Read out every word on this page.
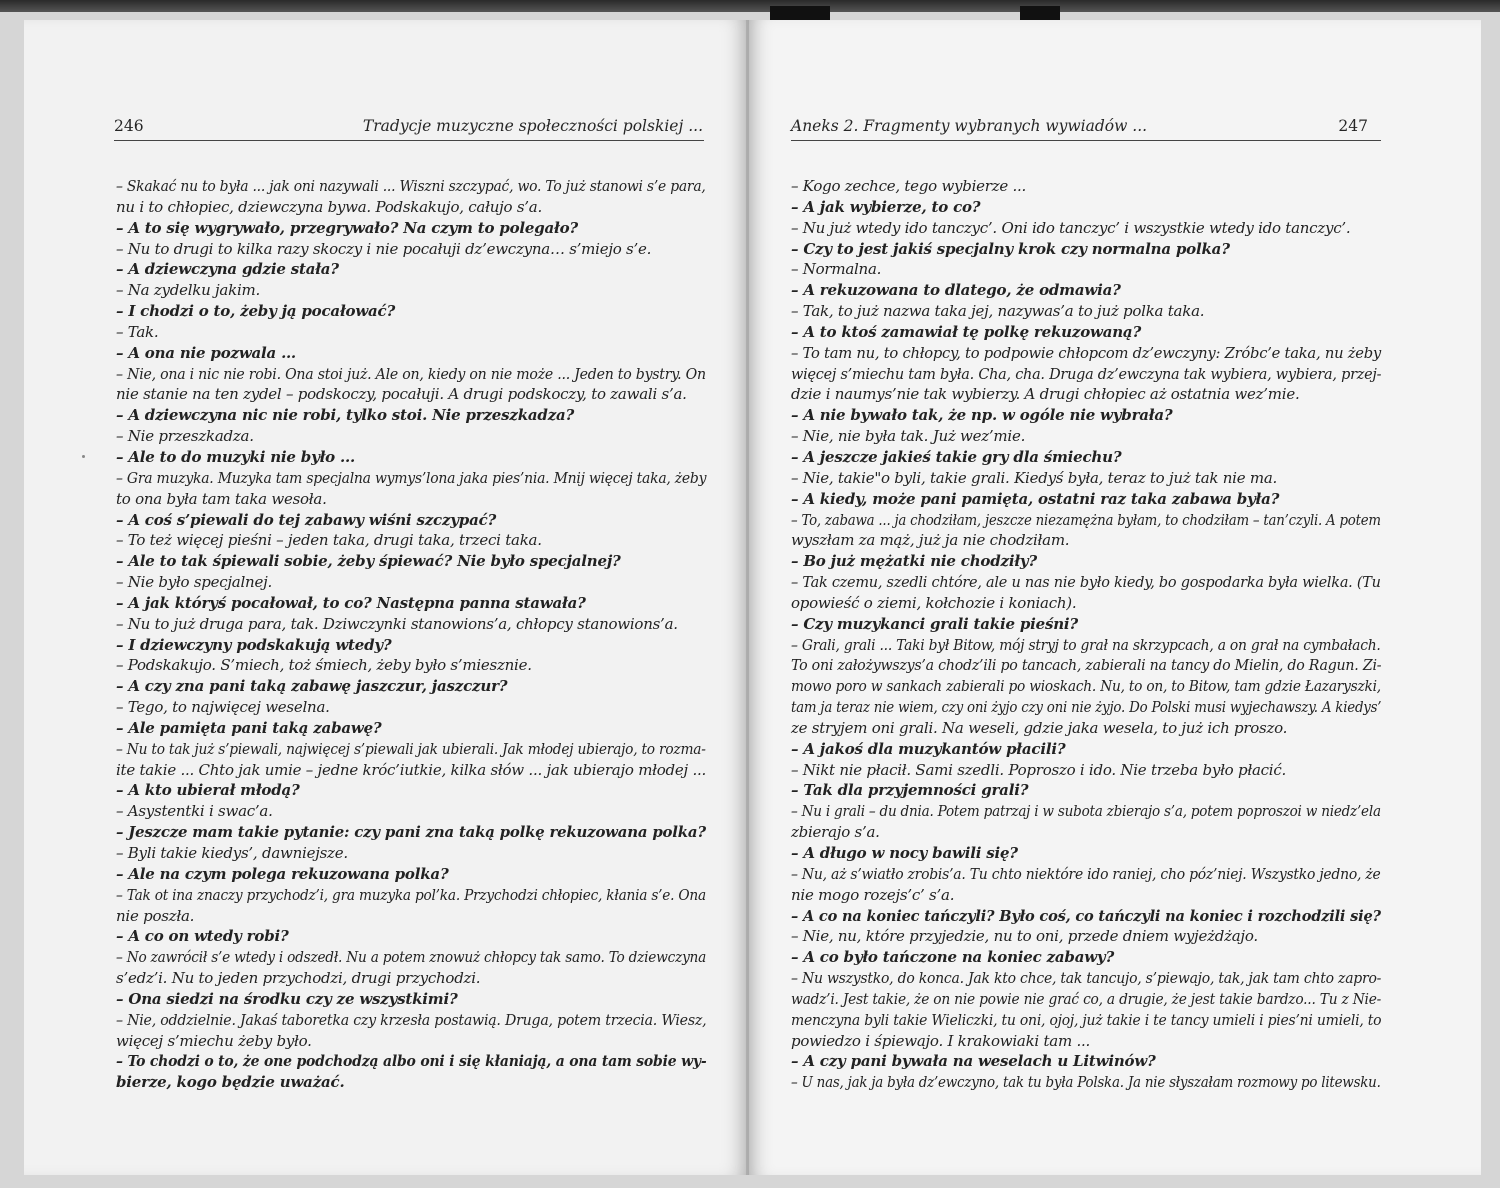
246	Tradycje muzyczne społeczności polskiej ...
– Skakać nu to była ... jak oni nazywali ... Wiszni szczypać, wo. To już stanowi s’e para,
nu i to chłopiec, dziewczyna bywa. Podskakujo, całujo s’a.
– A to się wygrywało, przegrywało? Na czym to polegało?
– Nu to drugi to kilka razy skoczy i nie pocałuji dz’ewczyna… s’miejo s’e.
– A dziewczyna gdzie stała?
– Na zydelku jakim.
– I chodzi o to, żeby ją pocałować?
– Tak.
– A ona nie pozwala …
– Nie, ona i nic nie robi. Ona stoi już. Ale on, kiedy on nie może ... Jeden to bystry. On
nie stanie na ten zydel – podskoczy, pocałuji. A drugi podskoczy, to zawali s’a.
– A dziewczyna nic nie robi, tylko stoi. Nie przeszkadza?
– Nie przeszkadza.
– Ale to do muzyki nie było ...
– Gra muzyka. Muzyka tam specjalna wymys’lona jaka pies’nia. Mnij więcej taka, żeby
to ona była tam taka wesoła.
– A coś s’piewali do tej zabawy wiśni szczypać?
– To też więcej pieśni – jeden taka, drugi taka, trzeci taka.
– Ale to tak śpiewali sobie, żeby śpiewać? Nie było specjalnej?
– Nie było specjalnej.
– A jak któryś pocałował, to co? Następna panna stawała?
– Nu to już druga para, tak. Dziwczynki stanowions’a, chłopcy stanowions’a.
– I dziewczyny podskakują wtedy?
– Podskakujo. S’miech, toż śmiech, żeby było s’miesznie.
– A czy zna pani taką zabawę jaszczur, jaszczur?
– Tego, to najwięcej weselna.
– Ale pamięta pani taką zabawę?
– Nu to tak już s’piewali, najwięcej s’piewali jak ubierali. Jak młodej ubierajo, to rozma-
ite takie ... Chto jak umie – jedne króc’iutkie, kilka słów ... jak ubierajo młodej ...
– A kto ubierał młodą?
– Asystentki i swac’a.
– Jeszcze mam takie pytanie: czy pani zna taką polkę rekuzowana polka?
– Byli takie kiedys’, dawniejsze.
– Ale na czym polega rekuzowana polka?
– Tak ot ina znaczy przychodz’i, gra muzyka pol’ka. Przychodzi chłopiec, kłania s’e. Ona
nie poszła.
– A co on wtedy robi?
– No zawrócił s’e wtedy i odszedł. Nu a potem znowuż chłopcy tak samo. To dziewczyna
s’edz’i. Nu to jeden przychodzi, drugi przychodzi.
– Ona siedzi na środku czy ze wszystkimi?
– Nie, oddzielnie. Jakaś taboretka czy krzesła postawią. Druga, potem trzecia. Wiesz,
więcej s’miechu żeby było.
– To chodzi o to, że one podchodzą albo oni i się kłaniają, a ona tam sobie wy-
bierze, kogo będzie uważać.
Aneks 2. Fragmenty wybranych wywiadów ...	247
– Kogo zechce, tego wybierze ...
– A jak wybierze, to co?
– Nu już wtedy ido tanczyc’. Oni ido tanczyc’ i wszystkie wtedy ido tanczyc’.
– Czy to jest jakiś specjalny krok czy normalna polka?
– Normalna.
– A rekuzowana to dlatego, że odmawia?
– Tak, to już nazwa taka jej, nazywas’a to już polka taka.
– A to ktoś zamawiał tę polkę rekuzowaną?
– To tam nu, to chłopcy, to podpowie chłopcom dz’ewczyny: Zróbc’e taka, nu żeby
więcej s’miechu tam była. Cha, cha. Druga dz’ewczyna tak wybiera, wybiera, przej-
dzie i naumys’nie tak wybierzy. A drugi chłopiec aż ostatnia wez’mie.
– A nie bywało tak, że np. w ogóle nie wybrała?
– Nie, nie była tak. Już wez’mie.
– A jeszcze jakieś takie gry dla śmiechu?
– Nie, takie"o byli, takie grali. Kiedyś była, teraz to już tak nie ma.
– A kiedy, może pani pamięta, ostatni raz taka zabawa była?
– To, zabawa ... ja chodziłam, jeszcze niezamężna byłam, to chodziłam – tan’czyli. A potem
wyszłam za mąż, już ja nie chodziłam.
– Bo już mężatki nie chodziły?
– Tak czemu, szedli chtóre, ale u nas nie było kiedy, bo gospodarka była wielka. (Tu
opowieść o ziemi, kołchozie i koniach).
– Czy muzykanci grali takie pieśni?
– Grali, grali ... Taki był Bitow, mój stryj to grał na skrzypcach, a on grał na cymbałach.
To oni założywszys’a chodz’ili po tancach, zabierali na tancy do Mielin, do Ragun. Zi-
mowo poro w sankach zabierali po wioskach. Nu, to on, to Bitow, tam gdzie Łazaryszki,
tam ja teraz nie wiem, czy oni żyjo czy oni nie żyjo. Do Polski musi wyjechawszy. A kiedys’
ze stryjem oni grali. Na weseli, gdzie jaka wesela, to już ich proszo.
– A jakoś dla muzykantów płacili?
– Nikt nie płacił. Sami szedli. Poproszo i ido. Nie trzeba było płacić.
– Tak dla przyjemności grali?
– Nu i grali – du dnia. Potem patrzaj i w subota zbierajo s’a, potem poproszoi w niedz’ela
zbierajo s’a.
– A długo w nocy bawili się?
– Nu, aż s’wiatło zrobis’a. Tu chto niektóre ido raniej, cho póz’niej. Wszystko jedno, że
nie mogo rozejs’c’ s’a.
– A co na koniec tańczyli? Było coś, co tańczyli na koniec i rozchodzili się?
– Nie, nu, które przyjedzie, nu to oni, przede dniem wyjeżdżajo.
– A co było tańczone na koniec zabawy?
– Nu wszystko, do konca. Jak kto chce, tak tancujo, s’piewajo, tak, jak tam chto zapro-
wadz’i. Jest takie, że on nie powie nie grać co, a drugie, że jest takie bardzo... Tu z Nie-
menczyna byli takie Wieliczki, tu oni, ojoj, już takie i te tancy umieli i pies’ni umieli, to
powiedzo i śpiewajo. I krakowiaki tam ...
– A czy pani bywała na weselach u Litwinów?
– U nas, jak ja była dz’ewczyno, tak tu była Polska. Ja nie słyszałam rozmowy po litewsku.
